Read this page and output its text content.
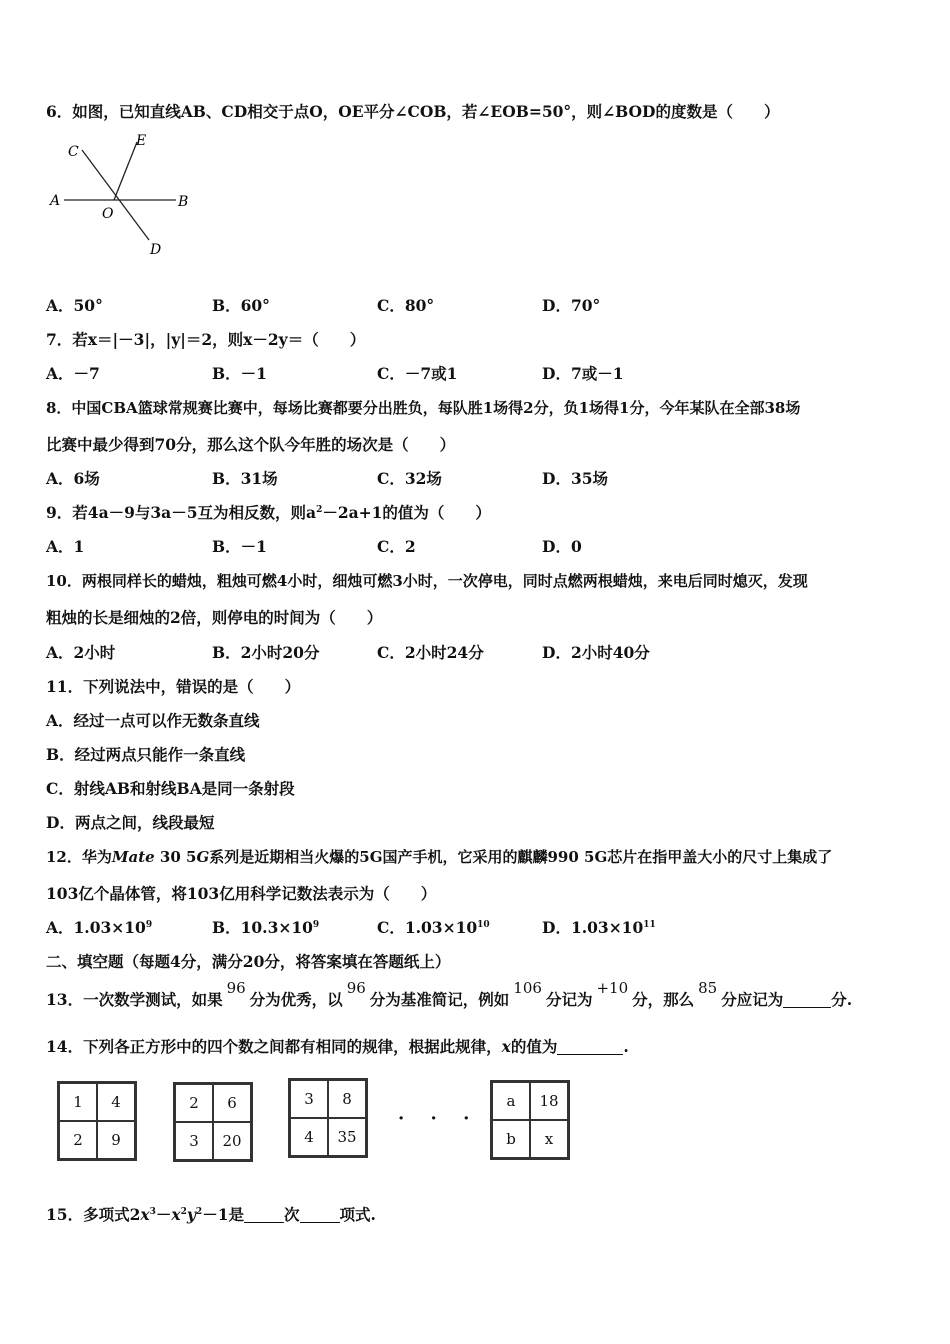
6．如图，已知直线AB、CD相交于点O，OE平分∠COB，若∠EOB=50°，则∠BOD的度数是（　　）
A	B
C
D
E
O
A．50°	B．60°	C．80°	D．70°
7．若x＝|－3|，|y|＝2，则x－2y＝（　　）
A．－7	B．－1	C．－7或1	D．7或－1
8．中国CBA篮球常规赛比赛中，每场比赛都要分出胜负，每队胜1场得2分，负1场得1分，今年某队在全部38场
比赛中最少得到70分，那么这个队今年胜的场次是（　　）
A．6场	B．31场	C．32场	D．35场
9．若4a－9与3a－5互为相反数，则$a^2-2a+1$的值为（　　）
A．1	B．－1	C．2	D．0
10．两根同样长的蜡烛，粗烛可燃4小时，细烛可燃3小时，一次停电，同时点燃两根蜡烛，来电后同时熄灭，发现
粗烛的长是细烛的2倍，则停电的时间为（　　）
A．2小时	B．2小时20分	C．2小时24分	D．2小时40分
11．下列说法中，错误的是（　　）
A．经过一点可以作无数条直线
B．经过两点只能作一条直线
C．射线AB和射线BA是同一条射段
D．两点之间，线段最短
12．华为Mate 30 5G系列是近期相当火爆的5G国产手机，它采用的麒麟990 5G芯片在指甲盖大小的尺寸上集成了
103亿个晶体管，将103亿用科学记数法表示为（　　）
A．$1.03\times 10^9$	B．$10.3\times 10^9$	C．$1.03\times 10^{10}$	D．$1.03\times 10^{11}$
二、填空题（每题4分，满分20分，将答案填在答题纸上）
13．一次数学测试，如果96分为优秀，以96分为基准简记，例如106分记为+10分，那么85分应记为	分.
14．下列各正方形中的四个数之间都有相同的规律，根据此规律，x的值为	.
1	4
2	9
2	6
3	20
3	8
4	35
· · ·
a	18
b	x
15．多项式$2x^3-x^2y^2-1$是	次	项式.
